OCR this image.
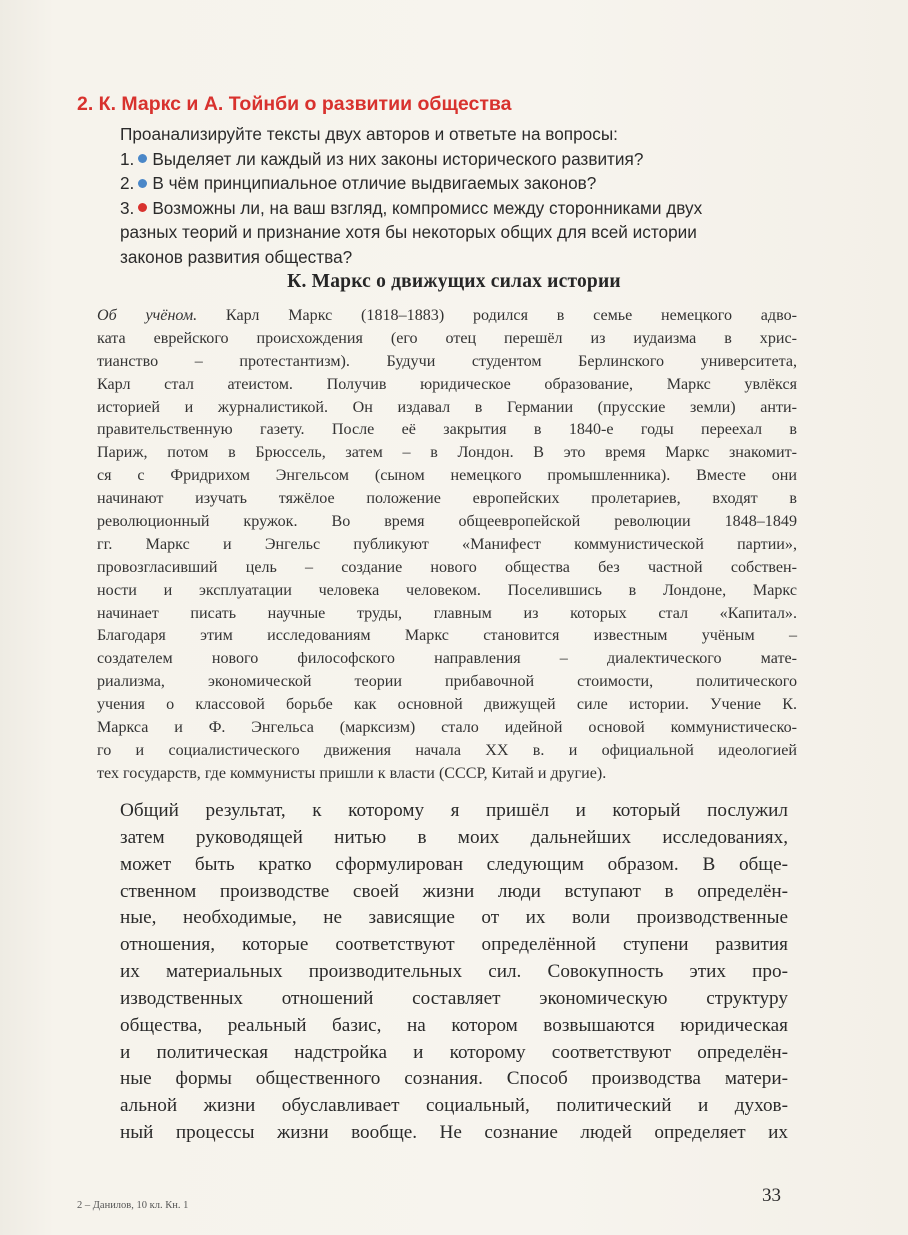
2. К. Маркс и А. Тойнби о развитии общества
Проанализируйте тексты двух авторов и ответьте на вопросы:
1. Выделяет ли каждый из них законы исторического развития?
2. В чём принципиальное отличие выдвигаемых законов?
3. Возможны ли, на ваш взгляд, компромисс между сторонниками двух
разных теорий и признание хотя бы некоторых общих для всей истории
законов развития общества?
К. Маркс о движущих силах истории
Об учёном. Карл Маркс (1818–1883) родился в семье немецкого адво-
ката еврейского происхождения (его отец перешёл из иудаизма в хрис-
тианство – протестантизм). Будучи студентом Берлинского университета,
Карл стал атеистом. Получив юридическое образование, Маркс увлёкся
историей и журналистикой. Он издавал в Германии (прусские земли) анти-
правительственную газету. После её закрытия в 1840-е годы переехал в
Париж, потом в Брюссель, затем – в Лондон. В это время Маркс знакомит-
ся с Фридрихом Энгельсом (сыном немецкого промышленника). Вместе они
начинают изучать тяжёлое положение европейских пролетариев, входят в
революционный кружок. Во время общеевропейской революции 1848–1849
гг. Маркс и Энгельс публикуют «Манифест коммунистической партии»,
провозгласивший цель – создание нового общества без частной собствен-
ности и эксплуатации человека человеком. Поселившись в Лондоне, Маркс
начинает писать научные труды, главным из которых стал «Капитал».
Благодаря этим исследованиям Маркс становится известным учёным –
создателем нового философского направления – диалектического мате-
риализма, экономической теории прибавочной стоимости, политического
учения о классовой борьбе как основной движущей силе истории. Учение К.
Маркса и Ф. Энгельса (марксизм) стало идейной основой коммунистическо-
го и социалистического движения начала XX в. и официальной идеологией
тех государств, где коммунисты пришли к власти (СССР, Китай и другие).
Общий результат, к которому я пришёл и который послужил
затем руководящей нитью в моих дальнейших исследованиях,
может быть кратко сформулирован следующим образом. В обще-
ственном производстве своей жизни люди вступают в определён-
ные, необходимые, не зависящие от их воли производственные
отношения, которые соответствуют определённой ступени развития
их материальных производительных сил. Совокупность этих про-
изводственных отношений составляет экономическую структуру
общества, реальный базис, на котором возвышаются юридическая
и политическая надстройка и которому соответствуют определён-
ные формы общественного сознания. Способ производства матери-
альной жизни обуславливает социальный, политический и духов-
ный процессы жизни вообще. Не сознание людей определяет их
33
2 – Данилов, 10 кл. Кн. 1
